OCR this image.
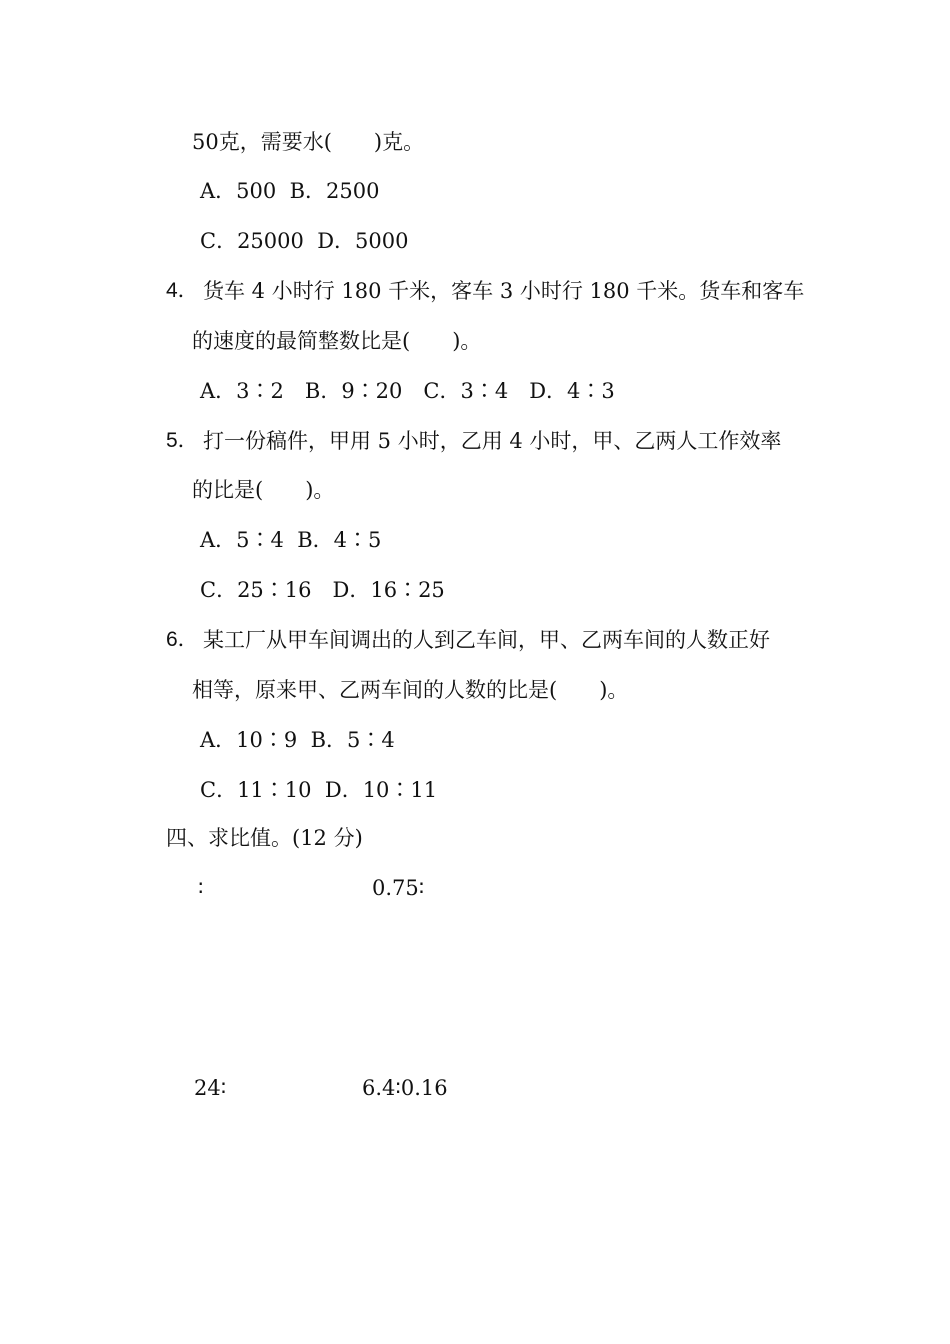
50克，需要水(　　)克。
A．500  B．2500
C．25000  D．5000
4． 货车 4 小时行 180 千米，客车 3 小时行 180 千米。货车和客车
的速度的最简整数比是(　　)。
A．3∶2　B．9∶20　C．3∶4　D．4∶3
5． 打一份稿件，甲用 5 小时，乙用 4 小时，甲、乙两人工作效率
的比是(　　)。
A．5∶4  B．4∶5
C．25∶16　D．16∶25
6． 某工厂从甲车间调出的人到乙车间，甲、乙两车间的人数正好
相等，原来甲、乙两车间的人数的比是(　　)。
A．10∶9  B．5∶4
C．11∶10  D．10∶11
四、求比值。(12 分)
∶	0.75∶
24∶	6.4∶0.16
